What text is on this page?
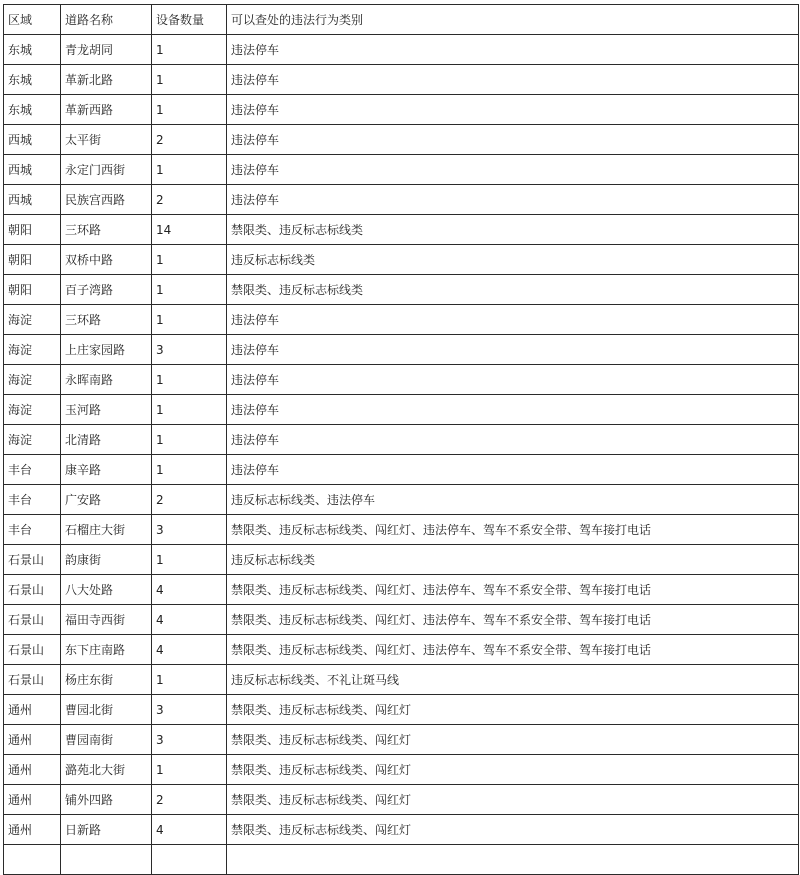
区域	道路名称	设备数量	可以查处的违法行为类别
东城	青龙胡同	1	违法停车
东城	革新北路	1	违法停车
东城	革新西路	1	违法停车
西城	太平街	2	违法停车
西城	永定门西街	1	违法停车
西城	民族宫西路	2	违法停车
朝阳	三环路	14	禁限类、违反标志标线类
朝阳	双桥中路	1	违反标志标线类
朝阳	百子湾路	1	禁限类、违反标志标线类
海淀	三环路	1	违法停车
海淀	上庄家园路	3	违法停车
海淀	永晖南路	1	违法停车
海淀	玉河路	1	违法停车
海淀	北清路	1	违法停车
丰台	康辛路	1	违法停车
丰台	广安路	2	违反标志标线类、违法停车
丰台	石榴庄大街	3	禁限类、违反标志标线类、闯红灯、违法停车、驾车不系安全带、驾车接打电话
石景山	韵康街	1	违反标志标线类
石景山	八大处路	4	禁限类、违反标志标线类、闯红灯、违法停车、驾车不系安全带、驾车接打电话
石景山	福田寺西街	4	禁限类、违反标志标线类、闯红灯、违法停车、驾车不系安全带、驾车接打电话
石景山	东下庄南路	4	禁限类、违反标志标线类、闯红灯、违法停车、驾车不系安全带、驾车接打电话
石景山	杨庄东街	1	违反标志标线类、不礼让斑马线
通州	曹园北街	3	禁限类、违反标志标线类、闯红灯
通州	曹园南街	3	禁限类、违反标志标线类、闯红灯
通州	潞苑北大街	1	禁限类、违反标志标线类、闯红灯
通州	铺外四路	2	禁限类、违反标志标线类、闯红灯
通州	日新路	4	禁限类、违反标志标线类、闯红灯
